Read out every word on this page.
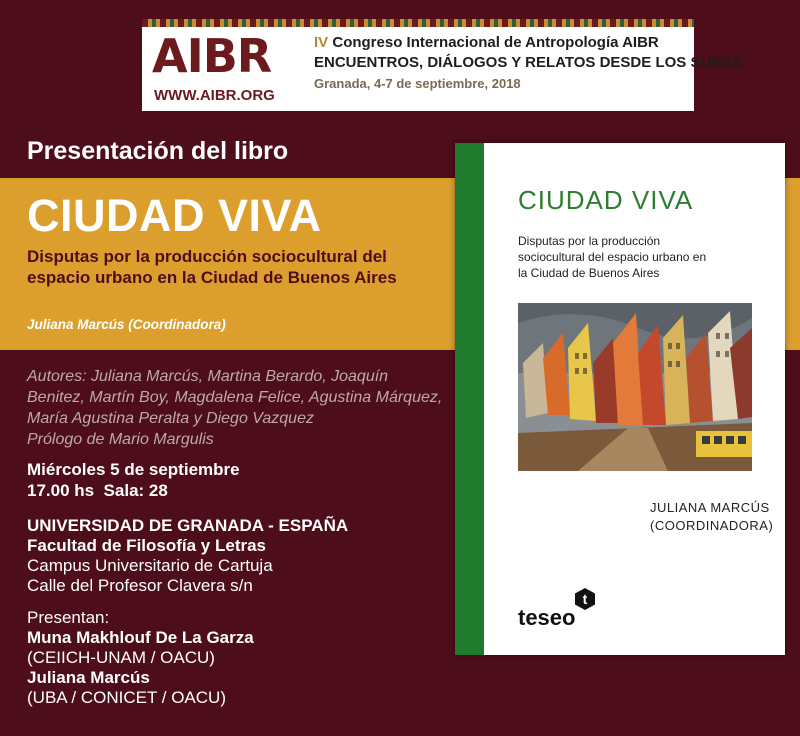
AIBR
WWW.AIBR.ORG
IV Congreso Internacional de Antropología AIBR
ENCUENTROS, DIÁLOGOS Y RELATOS DESDE LOS SURES
Granada, 4-7 de septiembre, 2018
Presentación del libro
CIUDAD VIVA
Disputas por la producción sociocultural del espacio urbano en la Ciudad de Buenos Aires
Juliana Marcús (Coordinadora)
Autores: Juliana Marcús, Martina Berardo, Joaquín Benitez, Martín Boy, Magdalena Felice, Agustina Márquez, María Agustina Peralta y Diego Vazquez
Prólogo de Mario Margulis
Miércoles 5 de septiembre
17.00 hs  Sala: 28
UNIVERSIDAD DE GRANADA - ESPAÑA
Facultad de Filosofía y Letras
Campus Universitario de Cartuja
Calle del Profesor Clavera s/n
Presentan:
Muna Makhlouf De La Garza
(CEIICH-UNAM / OACU)
Juliana Marcús
(UBA / CONICET / OACU)
CIUDAD VIVA
Disputas por la producción sociocultural del espacio urbano en la Ciudad de Buenos Aires
JULIANA MARCÚS
(COORDINADORA)
teseo
t
